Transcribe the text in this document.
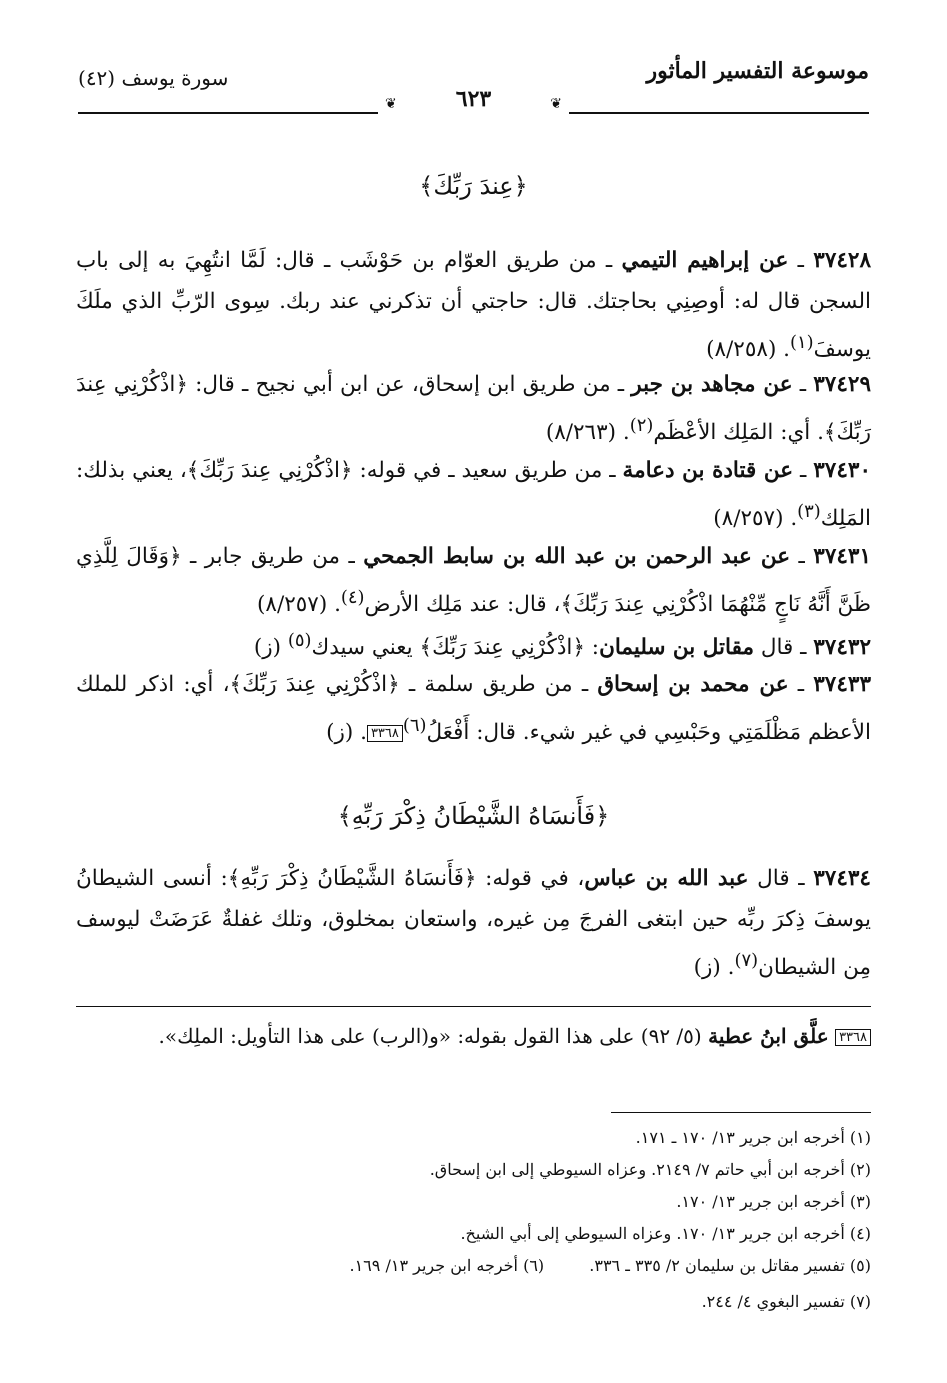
موسوعة التفسير المأثور
سورة يوسف (٤٢)
❦
❦	٦٢٣
﴿عِندَ رَبِّكَ﴾
٣٧٤٢٨ ـ عن إبراهيم التيمي ـ من طريق العوّام بن حَوْشَب ـ قال: لَمَّا انتُهِيَ به إلى باب السجن قال له: أوصِنِي بحاجتك. قال: حاجتي أن تذكرني عند ربك. سِوى الرّبِّ الذي ملَكَ يوسفَ$^{(١)}$. (٨/٢٥٨)
٣٧٤٢٩ ـ عن مجاهد بن جبر ـ من طريق ابن إسحاق، عن ابن أبي نجيح ـ قال: ﴿اذْكُرْنِي عِندَ رَبِّكَ﴾. أي: المَلِك الأعْظَم$^{(٢)}$. (٨/٢٦٣)
٣٧٤٣٠ ـ عن قتادة بن دعامة ـ من طريق سعيد ـ في قوله: ﴿اذْكُرْنِي عِندَ رَبِّكَ﴾، يعني بذلك: المَلِك$^{(٣)}$. (٨/٢٥٧)
٣٧٤٣١ ـ عن عبد الرحمن بن عبد الله بن سابط الجمحي ـ من طريق جابر ـ ﴿وَقَالَ لِلَّذِي ظَنَّ أَنَّهُ نَاجٍ مِّنْهُمَا اذْكُرْنِي عِندَ رَبِّكَ﴾، قال: عند مَلِك الأرض$^{(٤)}$. (٨/٢٥٧)
٣٧٤٣٢ ـ قال مقاتل بن سليمان: ﴿اذْكُرْنِي عِندَ رَبِّكَ﴾ يعني سيدك$^{(٥)}$ (ز)
٣٧٤٣٣ ـ عن محمد بن إسحاق ـ من طريق سلمة ـ ﴿اذْكُرْنِي عِندَ رَبِّكَ﴾، أي: اذكر للملك الأعظم مَظْلَمَتِي وحَبْسِي في غير شيء. قال: أَفْعَلُ$^{(٦)}$٣٣٦٨. (ز)
﴿فَأَنسَاهُ الشَّيْطَانُ ذِكْرَ رَبِّهِ﴾
٣٧٤٣٤ ـ قال عبد الله بن عباس، في قوله: ﴿فَأَنسَاهُ الشَّيْطَانُ ذِكْرَ رَبِّهِ﴾: أنسى الشيطانُ يوسفَ ذِكرَ ربِّه حين ابتغى الفرجَ مِن غيره، واستعان بمخلوق، وتلك غفلةٌ عَرَضَتْ ليوسف مِن الشيطان$^{(٧)}$. (ز)
٣٣٦٨ علَّق ابنُ عطية (٥/ ٩٢) على هذا القول بقوله: «و(الرب) على هذا التأويل: الملِك».
(١) أخرجه ابن جرير ١٣/ ١٧٠ ـ ١٧١.
(٢) أخرجه ابن أبي حاتم ٧/ ٢١٤٩. وعزاه السيوطي إلى ابن إسحاق.
(٣) أخرجه ابن جرير ١٣/ ١٧٠.
(٤) أخرجه ابن جرير ١٣/ ١٧٠. وعزاه السيوطي إلى أبي الشيخ.
(٥) تفسير مقاتل بن سليمان ٢/ ٣٣٥ ـ ٣٣٦. (٦) أخرجه ابن جرير ١٣/ ١٦٩.
(٧) تفسير البغوي ٤/ ٢٤٤.
